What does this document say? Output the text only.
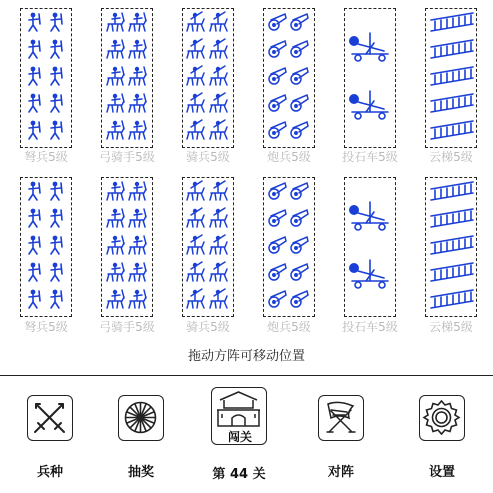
弩兵5级	弓骑手5级	骑兵5级	炮兵5级	投石车5级	云梯5级
弩兵5级	弓骑手5级	骑兵5级	炮兵5级	投石车5级	云梯5级
拖动方阵可移动位置
兵种	抽奖
闯关
第 44 关	对阵	设置
